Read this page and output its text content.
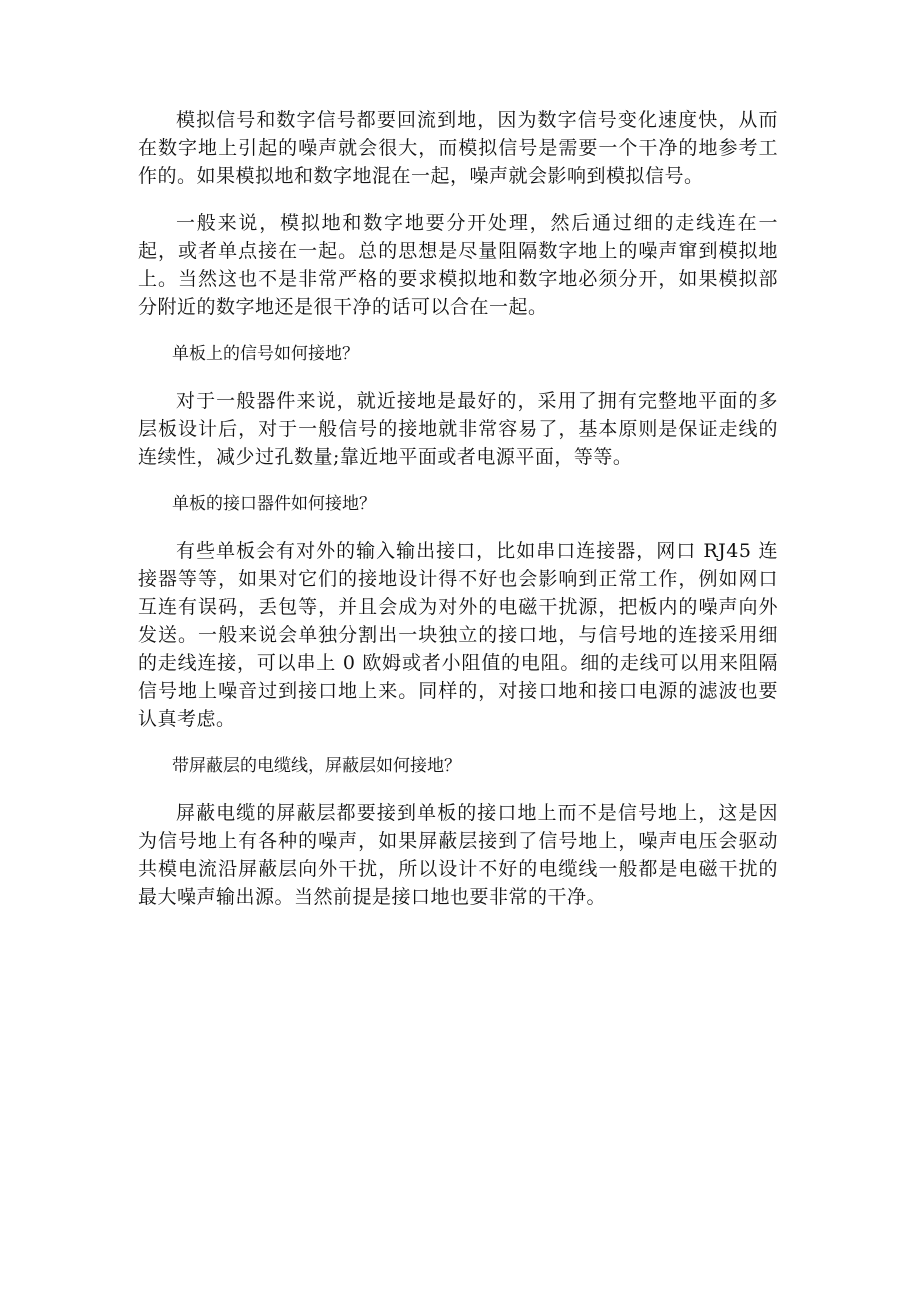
模拟信号和数字信号都要回流到地，因为数字信号变化速度快，从而在数字地上引起的噪声就会很大，而模拟信号是需要一个干净的地参考工作的。如果模拟地和数字地混在一起，噪声就会影响到模拟信号。

一般来说，模拟地和数字地要分开处理，然后通过细的走线连在一起，或者单点接在一起。总的思想是尽量阻隔数字地上的噪声窜到模拟地上。当然这也不是非常严格的要求模拟地和数字地必须分开，如果模拟部分附近的数字地还是很干净的话可以合在一起。

单板上的信号如何接地？

对于一般器件来说，就近接地是最好的，采用了拥有完整地平面的多层板设计后，对于一般信号的接地就非常容易了，基本原则是保证走线的连续性，减少过孔数量;靠近地平面或者电源平面，等等。

单板的接口器件如何接地？

有些单板会有对外的输入输出接口，比如串口连接器，网口 RJ45 连接器等等，如果对它们的接地设计得不好也会影响到正常工作，例如网口互连有误码，丢包等，并且会成为对外的电磁干扰源，把板内的噪声向外发送。一般来说会单独分割出一块独立的接口地，与信号地的连接采用细的走线连接，可以串上 0 欧姆或者小阻值的电阻。细的走线可以用来阻隔信号地上噪音过到接口地上来。同样的，对接口地和接口电源的滤波也要认真考虑。

带屏蔽层的电缆线，屏蔽层如何接地？

屏蔽电缆的屏蔽层都要接到单板的接口地上而不是信号地上，这是因为信号地上有各种的噪声，如果屏蔽层接到了信号地上，噪声电压会驱动共模电流沿屏蔽层向外干扰，所以设计不好的电缆线一般都是电磁干扰的最大噪声输出源。当然前提是接口地也要非常的干净。
